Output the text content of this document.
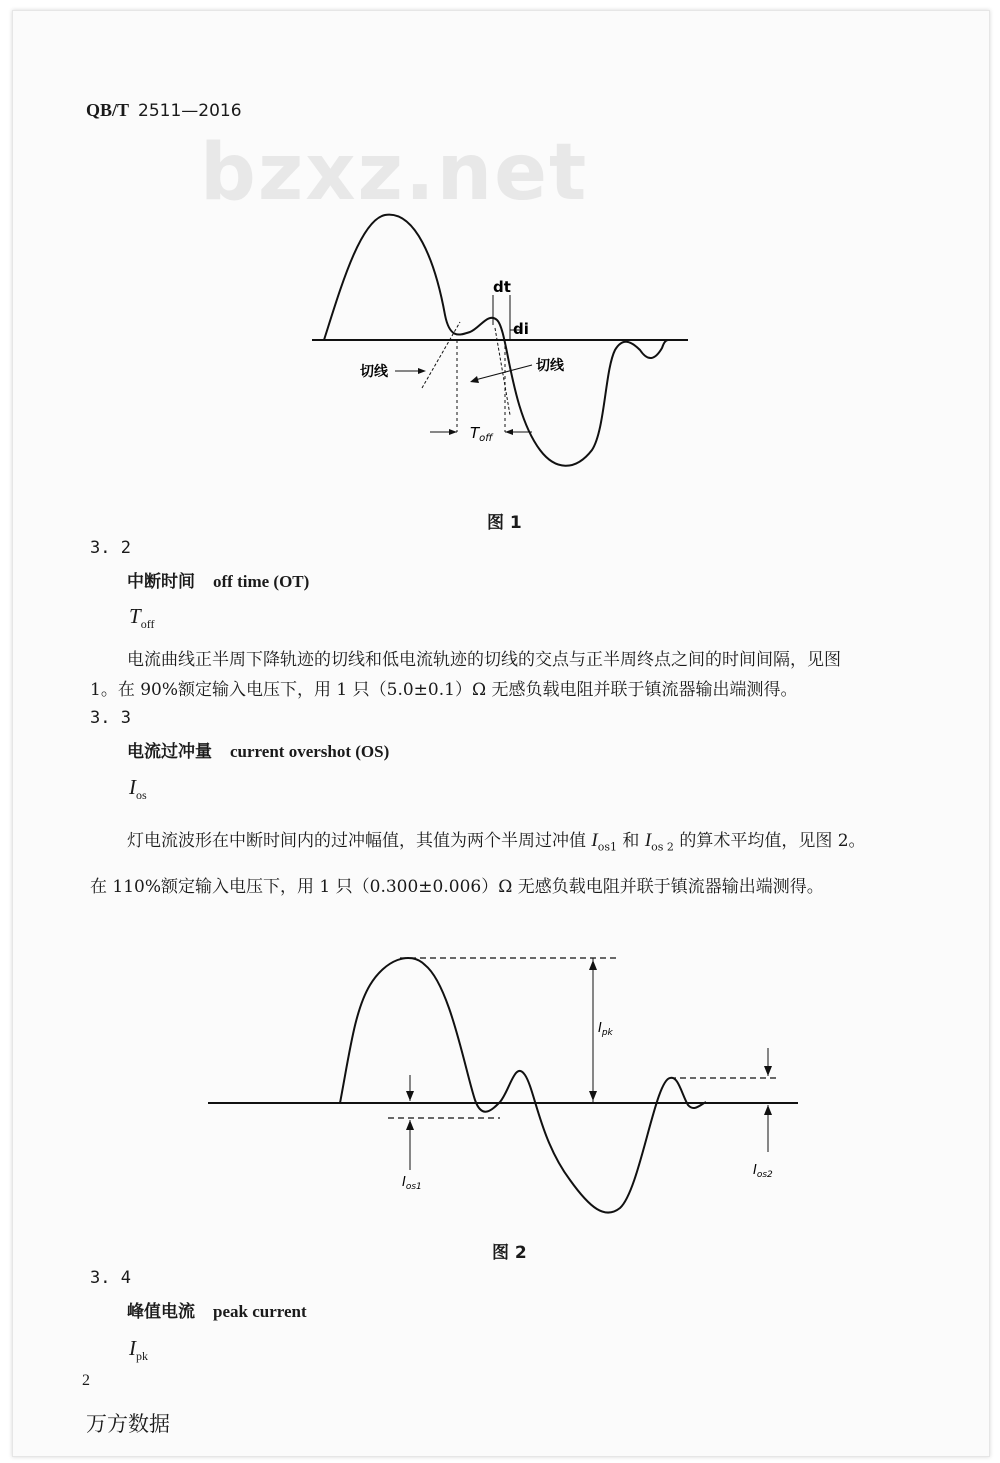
QB/T 2511—2016
bzxz.net
dt
di
切线	切线
$T_{off}$
图 1
3. 2
中断时间 off time (OT)
$T_{off}$
电流曲线正半周下降轨迹的切线和低电流轨迹的切线的交点与正半周终点之间的时间间隔，见图
1。在 90%额定输入电压下，用 1 只（5.0±0.1）Ω 无感负载电阻并联于镇流器输出端测得。
3. 3
电流过冲量 current overshot (OS)
$I_{os}$
灯电流波形在中断时间内的过冲幅值，其值为两个半周过冲值 $I_{os1}$ 和 $I_{os 2}$ 的算术平均值，见图 2。
在 110%额定输入电压下，用 1 只（0.300±0.006）Ω 无感负载电阻并联于镇流器输出端测得。
$I_{pk}$
$I_{os1}$
$I_{os2}$
图 2
3. 4
峰值电流 peak current
$I_{pk}$
2
万方数据
